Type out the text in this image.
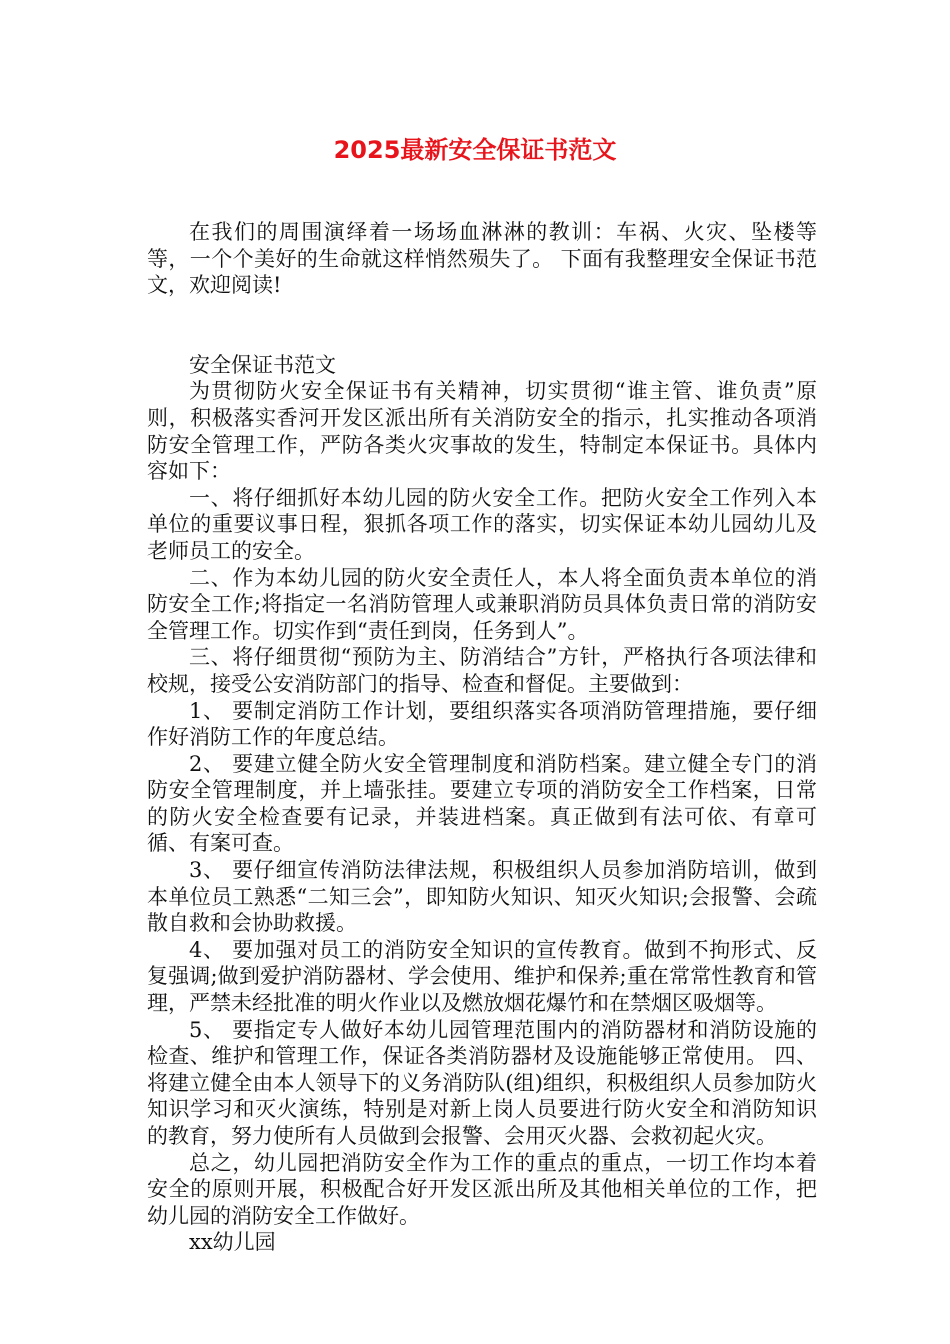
2025最新安全保证书范文

在我们的周围演绎着一场场血淋淋的教训：车祸、火灾、坠楼等等，一个个美好的生命就这样悄然殒失了。 下面有我整理安全保证书范文，欢迎阅读!

安全保证书范文

为贯彻防火安全保证书有关精神，切实贯彻“谁主管、谁负责”原则，积极落实香河开发区派出所有关消防安全的指示，扎实推动各项消防安全管理工作，严防各类火灾事故的发生，特制定本保证书。具体内容如下：

一、将仔细抓好本幼儿园的防火安全工作。把防火安全工作列入本单位的重要议事日程，狠抓各项工作的落实，切实保证本幼儿园幼儿及老师员工的安全。

二、作为本幼儿园的防火安全责任人，本人将全面负责本单位的消防安全工作;将指定一名消防管理人或兼职消防员具体负责日常的消防安全管理工作。切实作到“责任到岗，任务到人”。

三、将仔细贯彻“预防为主、防消结合”方针，严格执行各项法律和校规，接受公安消防部门的指导、检查和督促。主要做到：

1、 要制定消防工作计划，要组织落实各项消防管理措施，要仔细作好消防工作的年度总结。

2、 要建立健全防火安全管理制度和消防档案。建立健全专门的消防安全管理制度，并上墙张挂。要建立专项的消防安全工作档案，日常的防火安全检查要有记录，并装进档案。真正做到有法可依、有章可循、有案可查。

3、 要仔细宣传消防法律法规，积极组织人员参加消防培训，做到本单位员工熟悉“二知三会”，即知防火知识、知灭火知识;会报警、会疏散自救和会协助救援。

4、 要加强对员工的消防安全知识的宣传教育。做到不拘形式、反复强调;做到爱护消防器材、学会使用、维护和保养;重在常常性教育和管理，严禁未经批准的明火作业以及燃放烟花爆竹和在禁烟区吸烟等。

5、 要指定专人做好本幼儿园管理范围内的消防器材和消防设施的检查、维护和管理工作，保证各类消防器材及设施能够正常使用。 四、将建立健全由本人领导下的义务消防队(组)组织，积极组织人员参加防火知识学习和灭火演练，特别是对新上岗人员要进行防火安全和消防知识的教育，努力使所有人员做到会报警、会用灭火器、会救初起火灾。

总之，幼儿园把消防安全作为工作的重点的重点，一切工作均本着安全的原则开展，积极配合好开发区派出所及其他相关单位的工作，把幼儿园的消防安全工作做好。

xx幼儿园
